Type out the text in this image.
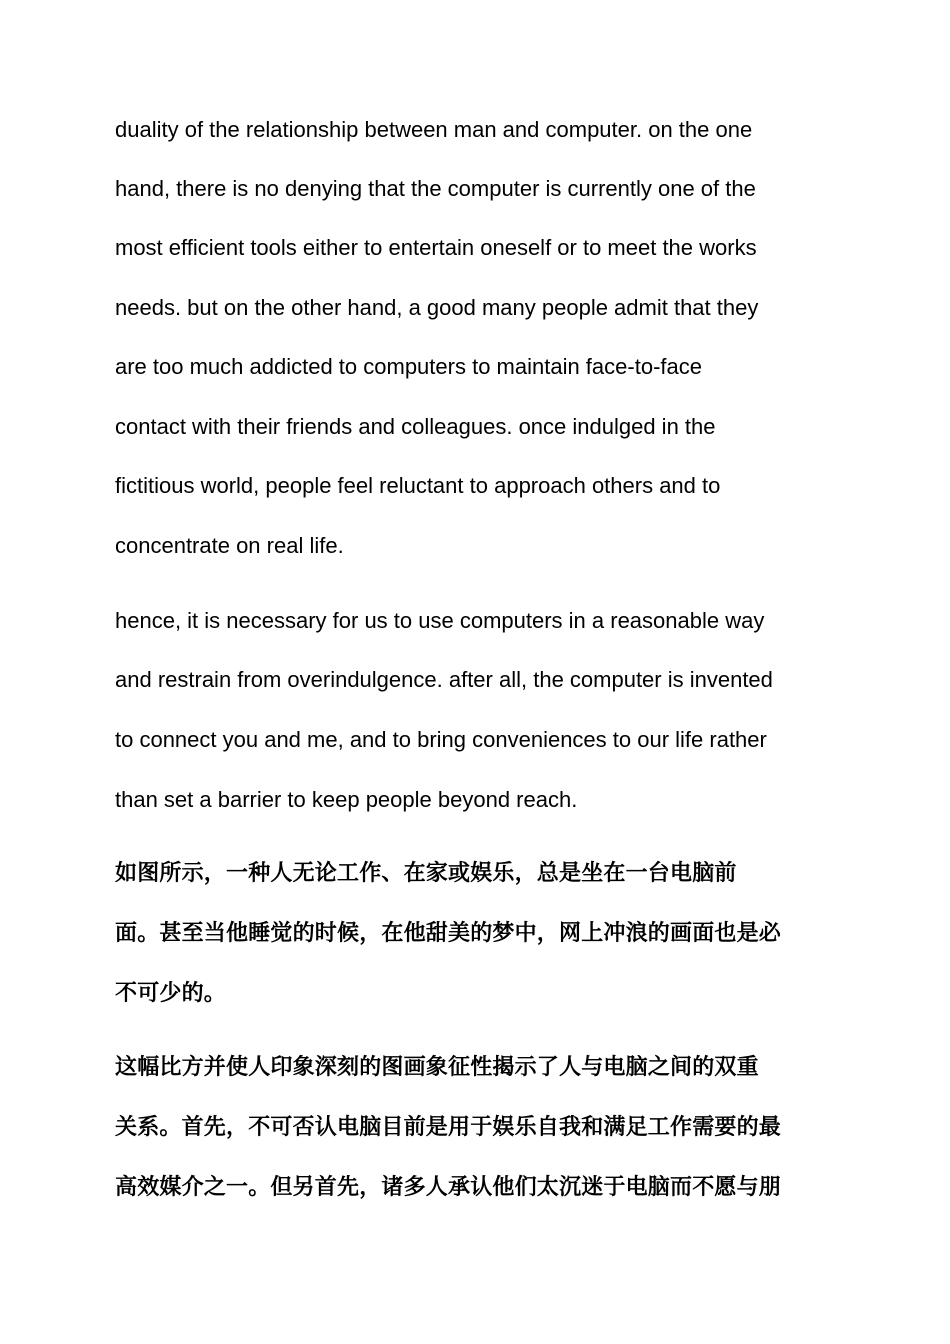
duality of the relationship between man and computer. on the one
hand, there is no denying that the computer is currently one of the
most efficient tools either to entertain oneself or to meet the works
needs. but on the other hand, a good many people admit that they
are too much addicted to computers to maintain face-to-face
contact with their friends and colleagues. once indulged in the
fictitious world, people feel reluctant to approach others and to
concentrate on real life.
hence, it is necessary for us to use computers in a reasonable way
and restrain from overindulgence. after all, the computer is invented
to connect you and me, and to bring conveniences to our life rather
than set a barrier to keep people beyond reach.
如图所示，一种人无论工作、在家或娱乐，总是坐在一台电脑前
面。甚至当他睡觉的时候，在他甜美的梦中，网上冲浪的画面也是必
不可少的。
这幅比方并使人印象深刻的图画象征性揭示了人与电脑之间的双重
关系。首先，不可否认电脑目前是用于娱乐自我和满足工作需要的最
高效媒介之一。但另首先，诸多人承认他们太沉迷于电脑而不愿与朋
